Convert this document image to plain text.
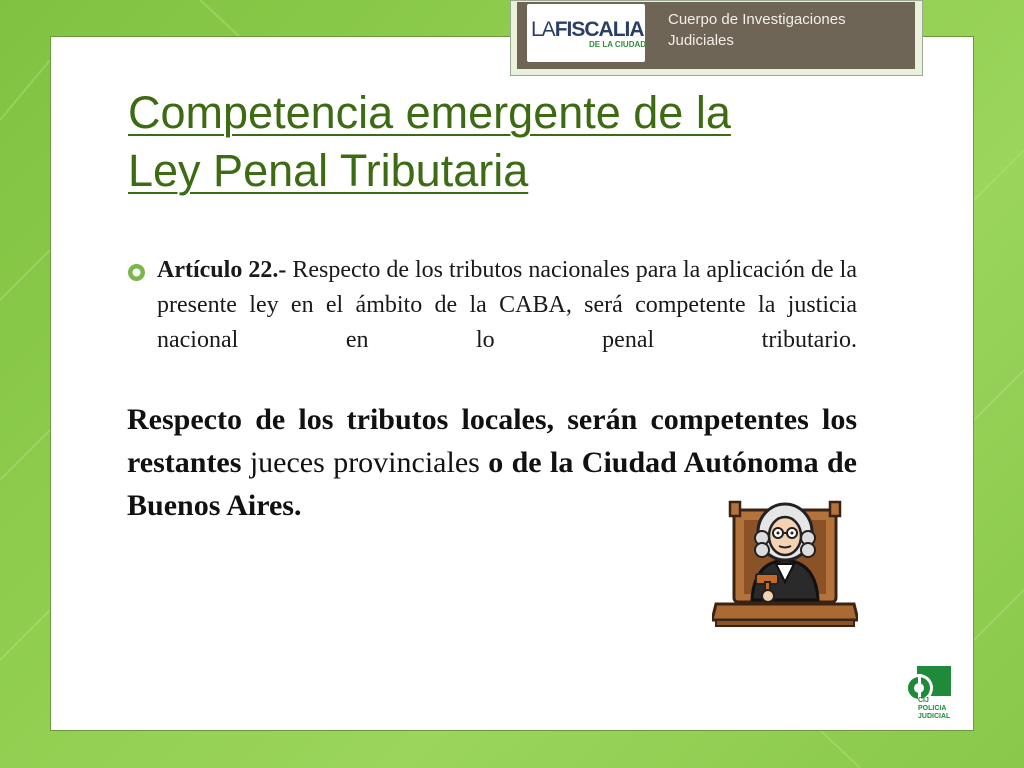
LAFISCALIA
DE LA CIUDAD
Cuerpo de Investigaciones
Judiciales
Competencia emergente de la
Ley Penal Tributaria
Artículo 22.- Respecto de los tributos nacionales para la aplicación de la presente ley en el ámbito de la CABA, será competente la justicia nacional en lo penal tributario.
Respecto de los tributos locales, serán competentes los restantes jueces provinciales o de la Ciudad Autónoma de Buenos Aires.
CIJ
POLICIA
JUDICIAL
